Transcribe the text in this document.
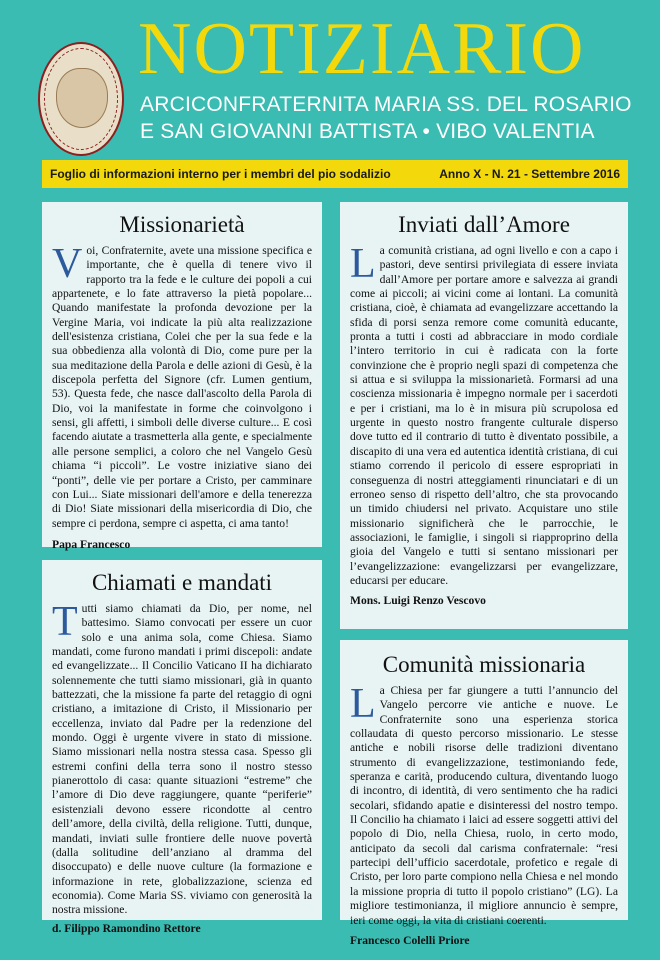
NOTIZIARIO
ARCICONFRATERNITA MARIA SS. DEL ROSARIO
E SAN GIOVANNI BATTISTA • VIBO VALENTIA
Foglio di informazioni interno per i membri del pio sodalizio	Anno X - N. 21 - Settembre 2016
Missionarietà

Voi, Confraternite, avete una missione specifica e importante, che è quella di tenere vivo il rapporto tra la fede e le culture dei popoli a cui appartenete, e lo fate attraverso la pietà popolare... Quando manifestate la profonda devozione per la Vergine Maria, voi indicate la più alta realizzazione dell'esistenza cristiana, Colei che per la sua fede e la sua obbedienza alla volontà di Dio, come pure per la sua meditazione della Parola e delle azioni di Gesù, è la discepola perfetta del Signore (cfr. Lumen gentium, 53). Questa fede, che nasce dall'ascolto della Parola di Dio, voi la manifestate in forme che coinvolgono i sensi, gli affetti, i simboli delle diverse culture... E così facendo aiutate a trasmetterla alla gente, e specialmente alle persone semplici, a coloro che nel Vangelo Gesù chiama “i piccoli”. Le vostre iniziative siano dei “ponti”, delle vie per portare a Cristo, per camminare con Lui... Siate missionari dell'amore e della tenerezza di Dio! Siate missionari della misericordia di Dio, che sempre ci perdona, sempre ci aspetta, ci ama tanto!

Papa Francesco

Inviati dall’Amore

La comunità cristiana, ad ogni livello e con a capo i pastori, deve sentirsi privilegiata di essere inviata dall’Amore per portare amore e salvezza ai grandi come ai piccoli; ai vicini come ai lontani. La comunità cristiana, cioè, è chiamata ad evangelizzare accettando la sfida di porsi senza remore come comunità educante, pronta a tutti i costi ad abbracciare in modo cordiale l’intero territorio in cui è radicata con la forte convinzione che è proprio negli spazi di competenza che si attua e si sviluppa la missionarietà. Formarsi ad una coscienza missionaria è impegno normale per i sacerdoti e per i cristiani, ma lo è in misura più scrupolosa ed urgente in questo nostro frangente culturale disperso dove tutto ed il contrario di tutto è diventato possibile, a discapito di una vera ed autentica identità cristiana, di cui stiamo correndo il pericolo di essere espropriati in conseguenza di nostri atteggiamenti rinunciatari e di un erroneo senso di rispetto dell’altro, che sta provocando un timido chiudersi nel privato. Acquistare uno stile missionario significherà che le parrocchie, le associazioni, le famiglie, i singoli si riapproprino della gioia del Vangelo e tutti si sentano missionari per l’evangelizzazione: evangelizzarsi per evangelizzare, educarsi per educare.

Mons. Luigi Renzo Vescovo

Chiamati e mandati

Tutti siamo chiamati da Dio, per nome, nel battesimo. Siamo convocati per essere un cuor solo e una anima sola, come Chiesa. Siamo mandati, come furono mandati i primi discepoli: andate ed evangelizzate... Il Concilio Vaticano II ha dichiarato solennemente che tutti siamo missionari, già in quanto battezzati, che la missione fa parte del retaggio di ogni cristiano, a imitazione di Cristo, il Missionario per eccellenza, inviato dal Padre per la redenzione del mondo. Oggi è urgente vivere in stato di missione. Siamo missionari nella nostra stessa casa. Spesso gli estremi confini della terra sono il nostro stesso pianerottolo di casa: quante situazioni “estreme” che l’amore di Dio deve raggiungere, quante “periferie” esistenziali devono essere ricondotte al centro dell’amore, della civiltà, della religione. Tutti, dunque, mandati, inviati sulle frontiere delle nuove povertà (dalla solitudine dell’anziano al dramma del disoccupato) e delle nuove culture (la formazione e informazione in rete, globalizzazione, scienza ed economia). Come Maria SS. viviamo con generosità la nostra missione.

d. Filippo Ramondino Rettore

Comunità missionaria

La Chiesa per far giungere a tutti l’annuncio del Vangelo percorre vie antiche e nuove. Le Confraternite sono una esperienza storica collaudata di questo percorso missionario. Le stesse antiche e nobili risorse delle tradizioni diventano strumento di evangelizzazione, testimoniando fede, speranza e carità, producendo cultura, diventando luogo di incontro, di identità, di vero sentimento che ha radici secolari, sfidando apatie e disinteressi del nostro tempo. Il Concilio ha chiamato i laici ad essere soggetti attivi del popolo di Dio, nella Chiesa, ruolo, in certo modo, anticipato da secoli dal carisma confraternale: “resi partecipi dell’ufficio sacerdotale, profetico e regale di Cristo, per loro parte compiono nella Chiesa e nel mondo la missione propria di tutto il popolo cristiano” (LG). La migliore testimonianza, il migliore annuncio è sempre, ieri come oggi, la vita di cristiani coerenti.

Francesco Colelli Priore
